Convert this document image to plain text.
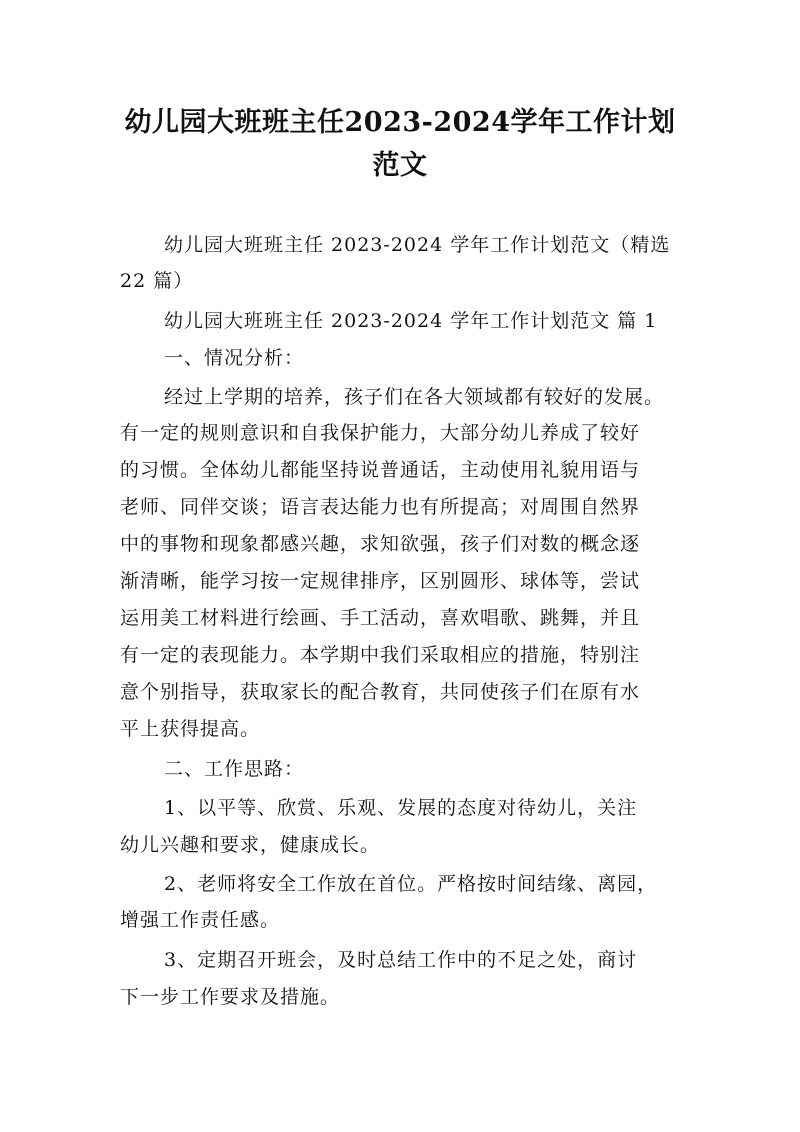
幼儿园大班班主任2023-2024学年工作计划
范文
幼儿园大班班主任 2023-2024 学年工作计划范文（精选
22 篇）
幼儿园大班班主任 2023-2024 学年工作计划范文 篇 1
一、情况分析：
经过上学期的培养，孩子们在各大领域都有较好的发展。
有一定的规则意识和自我保护能力，大部分幼儿养成了较好
的习惯。全体幼儿都能坚持说普通话，主动使用礼貌用语与
老师、同伴交谈；语言表达能力也有所提高；对周围自然界
中的事物和现象都感兴趣，求知欲强，孩子们对数的概念逐
渐清晰，能学习按一定规律排序，区别圆形、球体等，尝试
运用美工材料进行绘画、手工活动，喜欢唱歌、跳舞，并且
有一定的表现能力。本学期中我们采取相应的措施，特别注
意个别指导，获取家长的配合教育，共同使孩子们在原有水
平上获得提高。
二、工作思路：
1、以平等、欣赏、乐观、发展的态度对待幼儿，关注
幼儿兴趣和要求，健康成长。
2、老师将安全工作放在首位。严格按时间结缘、离园，
增强工作责任感。
3、定期召开班会，及时总结工作中的不足之处，商讨
下一步工作要求及措施。
